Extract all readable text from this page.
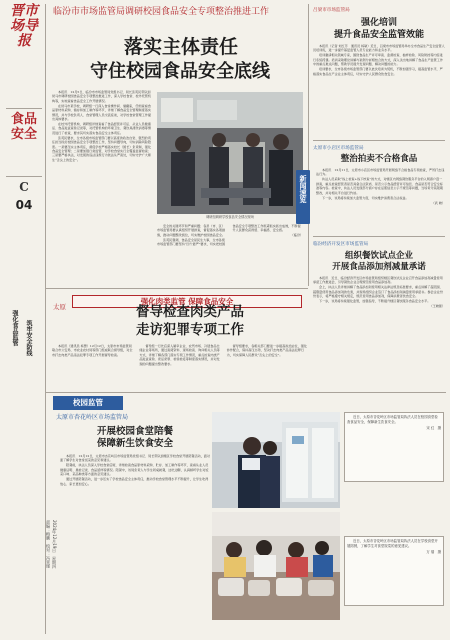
晋市场导报
食品安全
C
04
临汾市市场监管局调研校园食品安全专项整治推进工作
落实主体责任
守住校园食品安全底线

本报讯　12月5日，临汾市市场监管局党组书记、局长张英民带队到侯马市调研校园食品安全专项整治推进工作，深入学校食堂、校外托管机构等，实地查看食品安全工作开展情况。

在侯马市某学校，调研组一行深入食堂操作间、储藏室，仔细查看食品原材料采购、储存和加工制作等环节，详细了解食品安全管理制度落实情况，并与学校负责人、食堂管理人员交流座谈，对学校食堂管理工作提出具体要求。

在校外托管机构，调研组详细查看了食品经营许可证、从业人员健康证、食品进货查验记录等，对托管机构的环境卫生、餐饮具清洗消毒等情况进行了检查，要求其切实落实食品安全主体责任。

张英民要求，全市各级市场监管部门要以高度的政治自觉、强烈的责任担当抓好校园食品安全专项整治工作，坚持问题导向，切实消除风险隐患。一是要压实主体责任，督促学校严格落实校长（园长）负责制，强化食品安全管理；二是要加强日常监管，对学校食堂实行全覆盖监督检查；三是要严格执法，对发现的违法违规行为依法从严查处，切实守护广大师生“舌尖上的安全”。

调研组调研学校食品安全情况现场　

安全的关键环节和严重问题；各县（市、区）市场监管局要认真组织开展排查，督促落实各项措施，推动问题整改到位，切实维护校园食品安全。

张英民强调，食品安全是民生大事，全市各级市场监管部门要坚持“四个最严”要求，切实把校园食品安全专项整治工作抓紧抓实抓出成效，不断提升人民群众获得感、幸福感、安全感。

（临汾）

吕梁市市场监管局
强化培训
提升食品安全监管效能

本报讯（记者 刘红芳　通讯员 杨敏）近日，吕梁市市场监管局举办全市食品生产安全监管人员培训班，进一步提升基层监管人员专业能力和业务水平。

培训邀请相关领域专家，围绕食品生产许可审查、监督检查、抽样检验、风险防控等内容进行系统授课。培训采取理论讲解与案例分析相结合的方式，深入浅出地讲解了食品生产监管工作中的重点难点问题，帮助学员提升发现问题、解决问题的能力。

培训要求，全市各级市场监管部门要以此次培训为契机，不断加强学习，提高监管水平，严格落实食品生产企业主体责任，切实守护人民群众饮食安全。

新闻速览
太原市小店区市场监管局
整治拍卖不合格食品

本报讯　12月11日，太原市小店区市场监管局开展网络不合格食品专项检查，严厉打击违法行为。

执法人员采取“线上检查+线下核查”的方式，对辖区内网络餐饮服务平台的入网商户逐一排查，重点检查经营者是否具备合法资质、是否公示食品经营许可信息、食品是否符合安全标准等内容。检查中，执法人员发现部分商户存在证照信息公示不规范等问题，当场责令其限期整改，并对相关平台进行约谈。

下一步，该局将持续加大监管力度，切实维护消费者合法权益。

（武 晓）

临汾经济开发区市场监管局
组织餐饮试点企业
开展食品添加剂减量承诺

本报讯　近日，临汾经济开发区市场监管局组织辖区餐饮试点企业召开食品添加剂减量使用承诺工作推进会，引导餐饮企业合理规范使用食品添加剂。

会上，执法人员详细讲解了食品添加剂使用相关法律法规及标准要求，重点讲解了超范围、超限量使用食品添加剂的危害，并现场组织企业签订了食品添加剂减量使用承诺书。参会企业纷纷表示，将严格遵守相关规定，规范使用食品添加剂，保障消费者饮食安全。

下一步，该局将持续强化监管，加强指导，不断提升辖区餐饮服务食品安全水平。

（王晓蕾）

强化肉类监管 保障食品安全
强化食品监管 筑牢安全防线
太原	督导检查肉类产品
走访犯罪专项工作

本报讯（通讯员 杨慧）12月12日，太原市市场监管局联合市公安局、市农业农村局等部门组成联合督导组，对全市打击肉类产品违法犯罪专项工作开展督导检查。

督导组一行先后深入屠宰企业、农贸市场、冷链食品仓储企业等场所，通过查阅资料、现场检查、询问相关人员等方式，详细了解各部门落实专项工作情况，重点检查肉类产品进货查验、索证索票、检验检疫等制度落实情况，并对发现的问题提出整改要求。

督导组要求，各相关部门要进一步提高政治站位，强化协作配合，保持高压态势，坚决打击肉类产品违法犯罪行为，切实保障人民群众“舌尖上的安全”。

校园监管
太原市杏花岭区市场监管局
开展校园食堂陪餐
保障新生饮食安全

本报讯　12月12日，太原市杏花岭区市场监管局党组书记、局长带队到辖区学校食堂开展陪餐活动，面对面了解学生对食堂饭菜的意见和建议。

陪餐前，执法人员深入学校食堂后厨，详细检查食品原材料采购、贮存、加工制作等环节，查看从业人员健康证明、晨检记录、食品留样等情况。陪餐中，该局负责人与学生同桌就餐，边吃边聊，认真倾听学生对饭菜口味、菜品种类等方面的意见建议。

通过开展陪餐活动，进一步压实了学校食品安全主体责任，推动学校食堂管理水平不断提升，让学生吃得放心、家长更加安心。

近日，太原市杏花岭区市场监管局执法人员在校园食堂检查食品安全，保障新生饮食安全。

宋 红　摄

近日，太原市杏花岭区市场监管局执法人员在学校食堂开展陪餐，了解学生对食堂饭菜的意见建议。

万 瑞　摄

责编：梅鹏　校对：冯晋瑾 2024年12月19日　星期四
